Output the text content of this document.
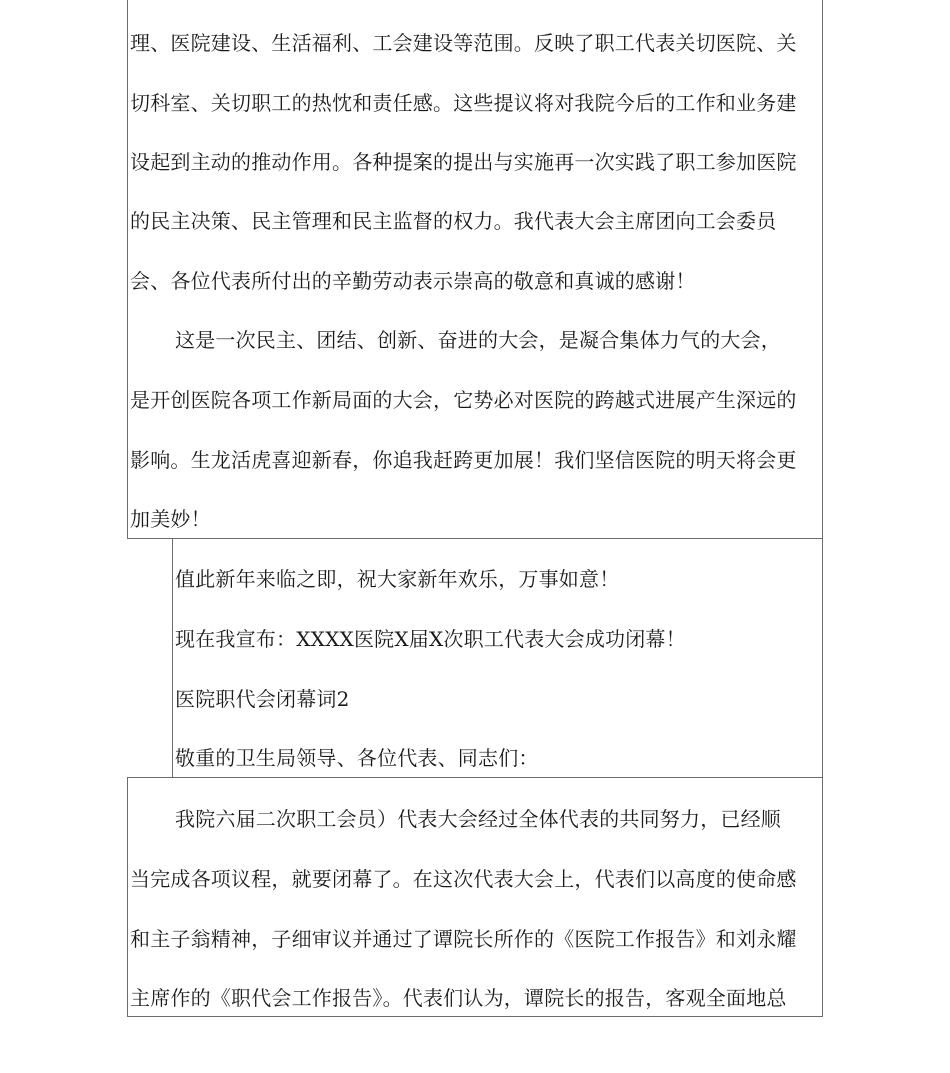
理、医院建设、生活福利、工会建设等范围。反映了职工代表关切医院、关
切科室、关切职工的热忱和责任感。这些提议将对我院今后的工作和业务建
设起到主动的推动作用。各种提案的提出与实施再一次实践了职工参加医院
的民主决策、民主管理和民主监督的权力。我代表大会主席团向工会委员
会、各位代表所付出的辛勤劳动表示崇高的敬意和真诚的感谢！
这是一次民主、团结、创新、奋进的大会，是凝合集体力气的大会，
是开创医院各项工作新局面的大会，它势必对医院的跨越式进展产生深远的
影响。生龙活虎喜迎新春，你追我赶跨更加展！我们坚信医院的明天将会更
加美妙！
值此新年来临之即，祝大家新年欢乐，万事如意！
现在我宣布：XXXX医院X届X次职工代表大会成功闭幕！
医院职代会闭幕词2
敬重的卫生局领导、各位代表、同志们：
我院六届二次职工会员）代表大会经过全体代表的共同努力，已经顺
当完成各项议程，就要闭幕了。在这次代表大会上，代表们以高度的使命感
和主子翁精神，子细审议并通过了谭院长所作的《医院工作报告》和刘永耀
主席作的《职代会工作报告》。代表们认为，谭院长的报告，客观全面地总
